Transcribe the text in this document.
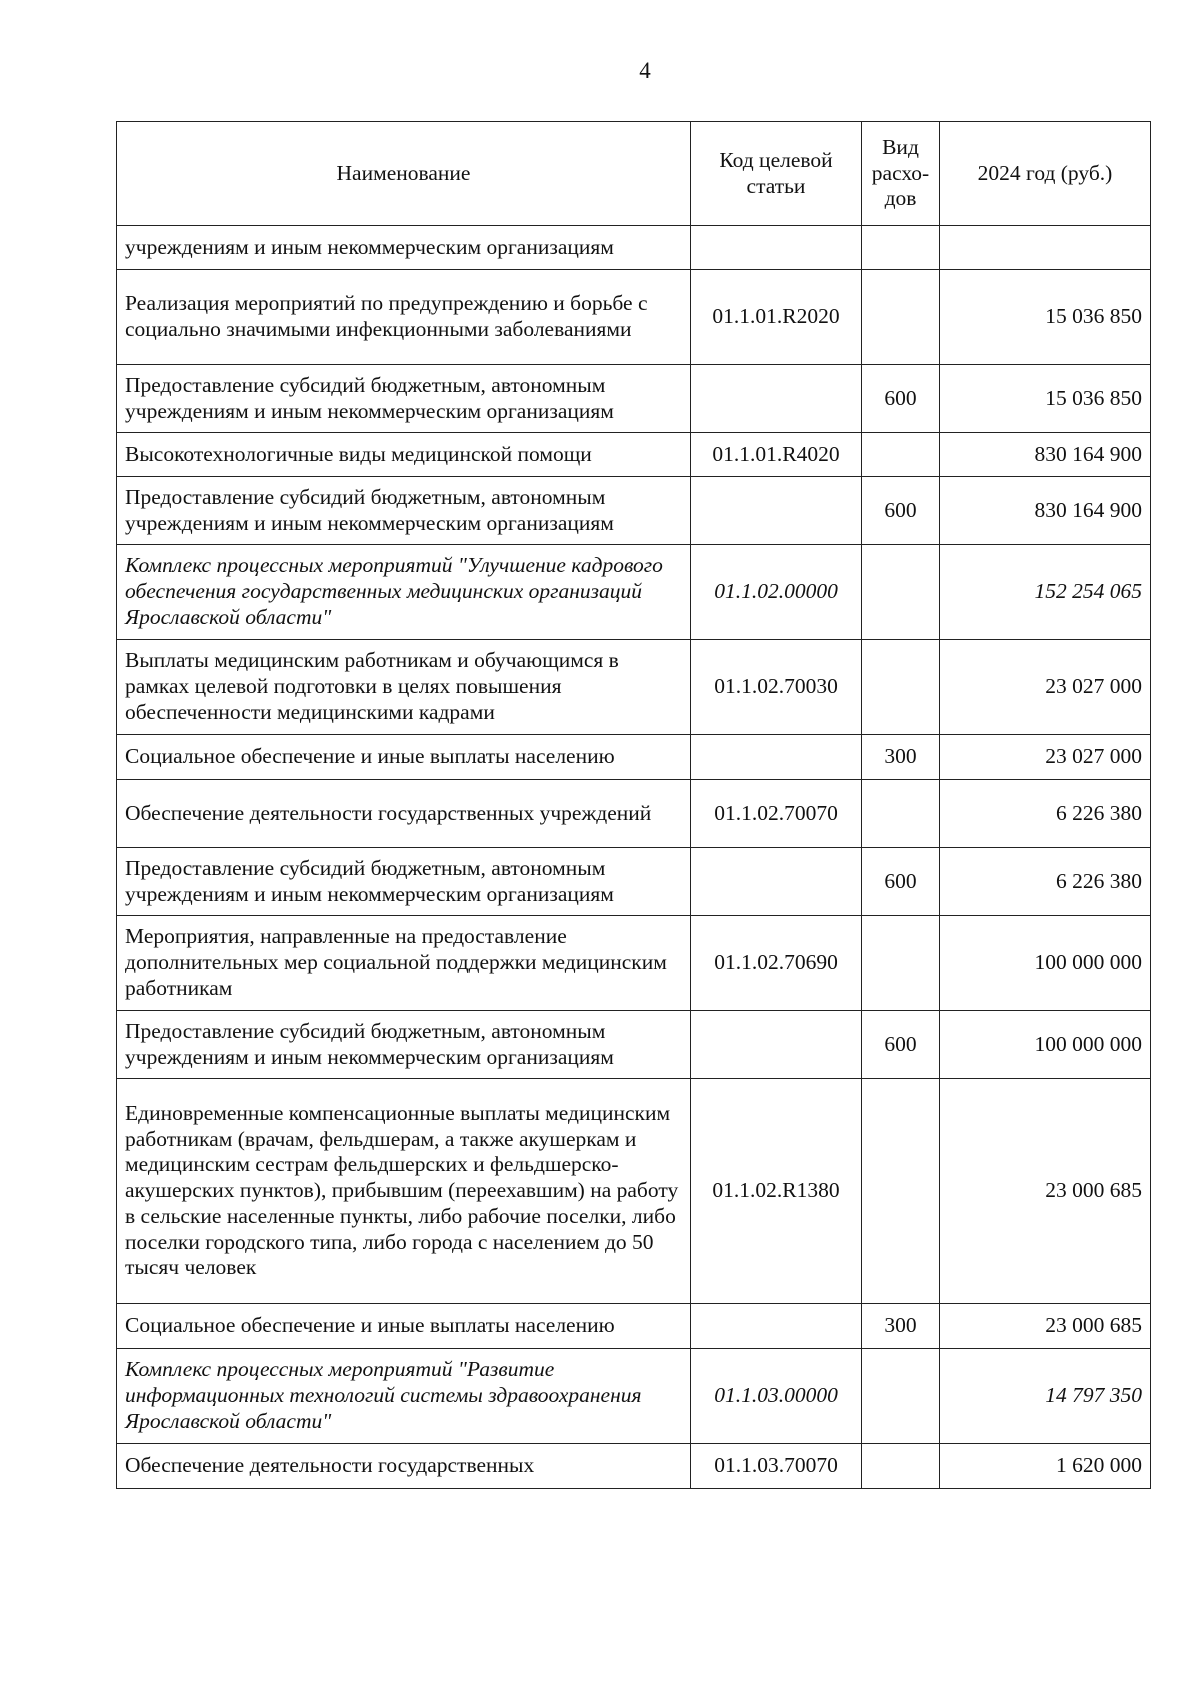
4
Наименование	Код целевой статьи	Вид расхо-дов	2024 год (руб.)
учреждениям и иным некоммерческим организациям			
Реализация мероприятий по предупреждению и борьбе с социально значимыми инфекционными заболеваниями	01.1.01.R2020		15 036 850
Предоставление субсидий бюджетным, автономным учреждениям и иным некоммерческим организациям		600	15 036 850
Высокотехнологичные виды медицинской помощи	01.1.01.R4020		830 164 900
Предоставление субсидий бюджетным, автономным учреждениям и иным некоммерческим организациям		600	830 164 900
Комплекс процессных мероприятий "Улучшение кадрового обеспечения государственных медицинских организаций Ярославской области"	01.1.02.00000		152 254 065
Выплаты медицинским работникам и обучающимся в рамках целевой подготовки в целях повышения обеспеченности медицинскими кадрами	01.1.02.70030		23 027 000
Социальное обеспечение и иные выплаты населению		300	23 027 000
Обеспечение деятельности государственных учреждений	01.1.02.70070		6 226 380
Предоставление субсидий бюджетным, автономным учреждениям и иным некоммерческим организациям		600	6 226 380
Мероприятия, направленные на предоставление дополнительных мер социальной поддержки медицинским работникам	01.1.02.70690		100 000 000
Предоставление субсидий бюджетным, автономным учреждениям и иным некоммерческим организациям		600	100 000 000
Единовременные компенсационные выплаты медицинским работникам (врачам, фельдшерам, а также акушеркам и медицинским сестрам фельдшерских и фельдшерско-акушерских пунктов), прибывшим (переехавшим) на работу в сельские населенные пункты, либо рабочие поселки, либо поселки городского типа, либо города с населением до 50 тысяч человек	01.1.02.R1380		23 000 685
Социальное обеспечение и иные выплаты населению		300	23 000 685
Комплекс процессных мероприятий "Развитие информационных технологий системы здравоохранения Ярославской области"	01.1.03.00000		14 797 350
Обеспечение деятельности государственных	01.1.03.70070		1 620 000
